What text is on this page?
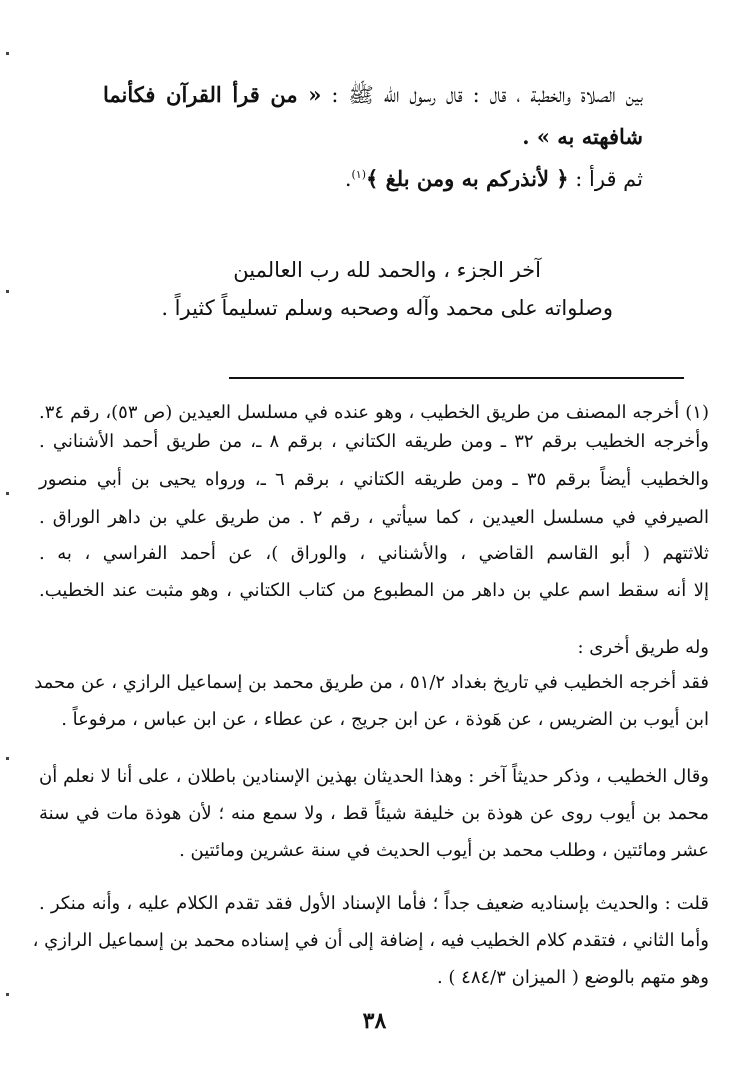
بين الصلاة والخطبة ، قال : قال رسول الله ﷺ : « من قرأ القرآن فكأنما
شافهته به » .
ثم قرأ : ﴿ لأنذركم به ومن بلغ ﴾$^{(١)}$.
آخر الجزء ، والحمد لله رب العالمين
وصلواته على محمد وآله وصحبه وسلم تسليماً كثيراً .
(١) أخرجه المصنف من طريق الخطيب ، وهو عنده في مسلسل العيدين (ص ٥٣)، رقم ٣٤.
وأخرجه الخطيب برقم ٣٢ ـ ومن طريقه الكتاني ، برقم ٨ ـ، من طريق أحمد الأشناني .
والخطيب أيضاً برقم ٣٥ ـ ومن طريقه الكتاني ، برقم ٦ ـ، ورواه يحيى بن أبي منصور
الصيرفي في مسلسل العيدين ، كما سيأتي ، رقم ٢ . من طريق علي بن داهر الوراق .
ثلاثتهم ( أبو القاسم القاضي ، والأشناني ، والوراق )، عن أحمد الفراسي ، به .
إلا أنه سقط اسم علي بن داهر من المطبوع من كتاب الكتاني ، وهو مثبت عند الخطيب.
وله طريق أخرى :
فقد أخرجه الخطيب في تاريخ بغداد ٥١/٢ ، من طريق محمد بن إسماعيل الرازي ، عن محمد
ابن أيوب بن الضريس ، عن هَوذة ، عن ابن جريج ، عن عطاء ، عن ابن عباس ، مرفوعاً .
وقال الخطيب ، وذكر حديثاً آخر : وهذا الحديثان بهذين الإسنادين باطلان ، على أنا لا نعلم أن
محمد بن أيوب روى عن هوذة بن خليفة شيئاً قط ، ولا سمع منه ؛ لأن هوذة مات في سنة
عشر ومائتين ، وطلب محمد بن أيوب الحديث في سنة عشرين ومائتين .
قلت : والحديث بإسناديه ضعيف جداً ؛ فأما الإسناد الأول فقد تقدم الكلام عليه ، وأنه منكر .
وأما الثاني ، فتقدم كلام الخطيب فيه ، إضافة إلى أن في إسناده محمد بن إسماعيل الرازي ،
وهو متهم بالوضع ( الميزان ٤٨٤/٣ ) .
٣٨
